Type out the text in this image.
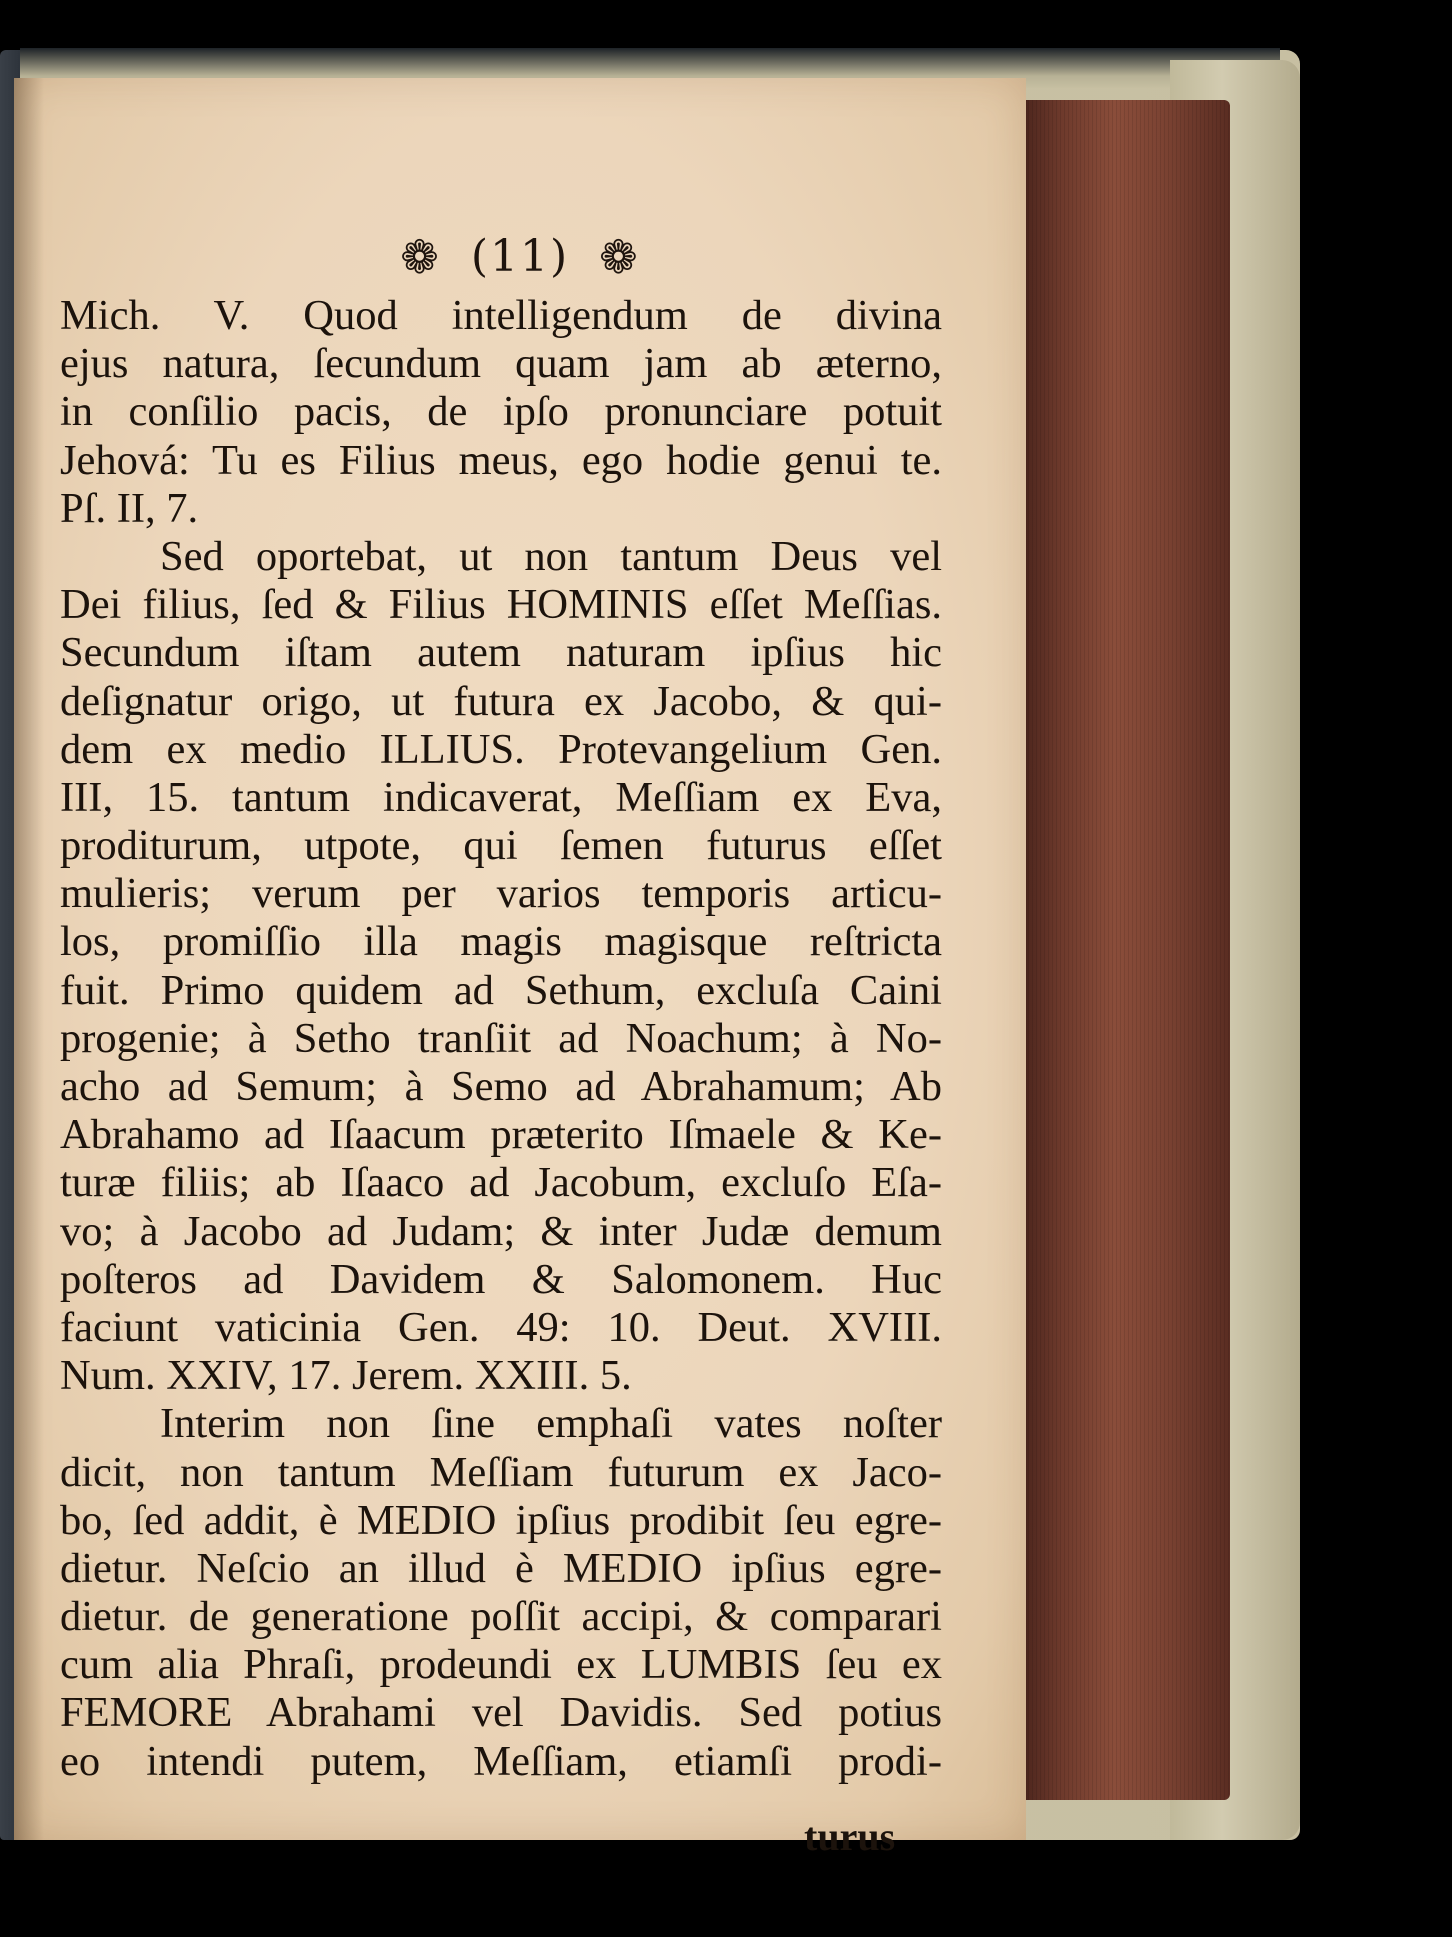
❁ (11) ❁
Mich. V. Quod intelligendum de divina
ejus natura, ſecundum quam jam ab æterno,
in conſilio pacis, de ipſo pronunciare potuit
Jehová: Tu es Filius meus, ego hodie genui te.
Pſ. II, 7.
Sed oportebat, ut non tantum Deus vel
Dei filius, ſed & Filius HOMINIS eſſet Meſſias.
Secundum iſtam autem naturam ipſius hic
deſignatur origo, ut futura ex Jacobo, & qui-
dem ex medio ILLIUS. Protevangelium Gen.
III, 15. tantum indicaverat, Meſſiam ex Eva,
prodіturum, utpote, qui ſemen futurus eſſet
mulieris; verum per varios temporis articu-
los, promiſſio illa magis magisque reſtricta
fuit. Primo quidem ad Sethum, excluſa Caini
progenie; à Setho tranſiit ad Noachum; à No-
acho ad Semum; à Semo ad Abrahamum; Ab
Abrahamo ad Iſaacum præterito Iſmaele & Ke-
turæ filiis; ab Iſaaco ad Jacobum, excluſo Eſa-
vo; à Jacobo ad Judam; & inter Judæ demum
poſteros ad Davidem & Salomonem. Huc
faciunt vaticinia Gen. 49: 10. Deut. XVIII.
Num. XXIV, 17. Jerem. XXIII. 5.
Interim non ſine emphaſi vates noſter
dicit, non tantum Meſſiam futurum ex Jaco-
bo, ſed addit, è MEDIO ipſius prodibit ſeu egre-
dietur. Neſcio an illud è MEDIO ipſius egre-
dietur. de generatione poſſit accipi, & comparari
cum alia Phraſi, prodeundi ex LUMBIS ſeu ex
FEMORE Abrahami vel Davidis. Sed potius
eo intendi putem, Meſſiam, etiamſi prodi-
turus
